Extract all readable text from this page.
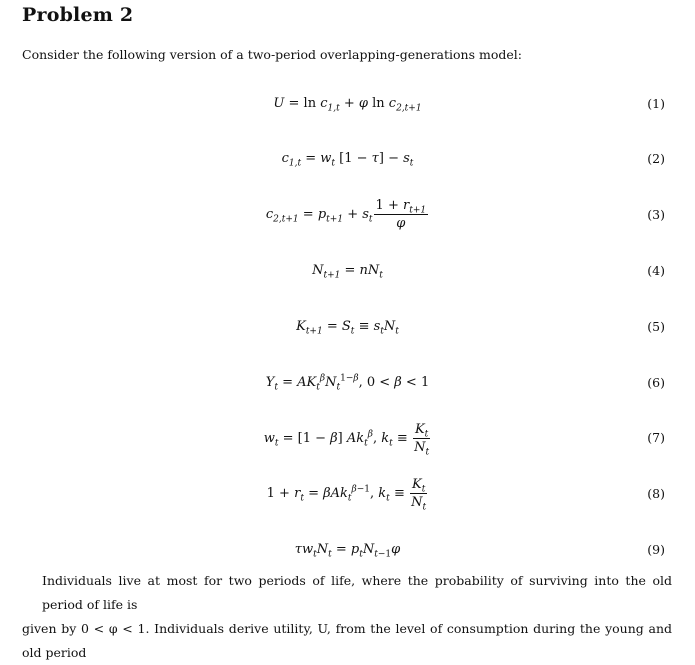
Problem 2
Consider the following version of a two-period overlapping-generations model:
$U = \ln c_{1,t} + \varphi$ $\ln c_{2,t+1}$	(1)
$c_{1,t} = w_t$ $[1 - \tau] - s_t$	(2)
$c_{2,t+1} = p_{t+1} + s_t \frac{1 + r_{t+1}}{\varphi}$	(3)
$N_{t+1} = nN_t$	(4)
$K_{t+1} = S_t \equiv s_tN_t$	(5)
$Y_t = AK_t^\beta N_t^{1-\beta}$, 0 < β < 1	(6)
$w_t = [1 - \beta]$ $Ak_t^\beta$, $k_t \equiv \frac{K_t}{N_t}$	(7)
$1 + r_t = \beta Ak_t^{\beta-1}$, $k_t \equiv \frac{K_t}{N_t}$	(8)
$\tau w_tN_t = p_tN_{t-1}\varphi$	(9)
Individuals live at most for two periods of life, where the probability of surviving into the old period of life is
given by 0 < φ < 1. Individuals derive utility, U, from the level of consumption during the young and old period
